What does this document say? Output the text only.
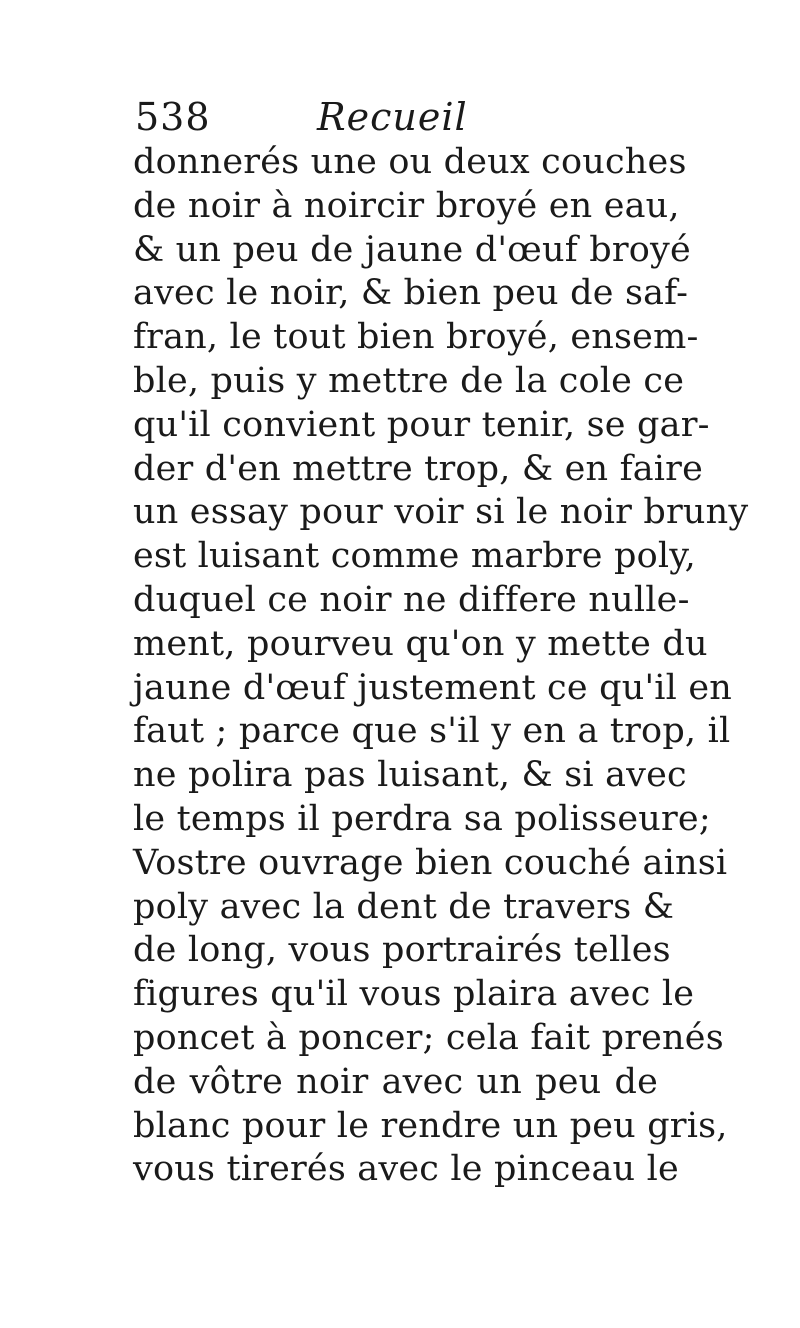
538	Recueil
donnerés une ou deux couches
de noir à noircir broyé en eau,
& un peu de jaune d'œuf broyé
avec le noir, & bien peu de saf-
fran, le tout bien broyé, ensem-
ble, puis y mettre de la cole ce
qu'il convient pour tenir, se gar-
der d'en mettre trop, & en faire
un essay pour voir si le noir bruny
est luisant comme marbre poly,
duquel ce noir ne differe nulle-
ment, pourveu qu'on y mette du
jaune d'œuf justement ce qu'il en
faut ; parce que s'il y en a trop, il
ne polira pas luisant, & si avec
le temps il perdra sa polisseure;
Vostre ouvrage bien couché ainsi
poly avec la dent de travers &
de long, vous portrairés telles
figures qu'il vous plaira avec le
poncet à poncer; cela fait prenés
de vôtre noir avec un peu de
blanc pour le rendre un peu gris,
vous tirerés avec le pinceau le
